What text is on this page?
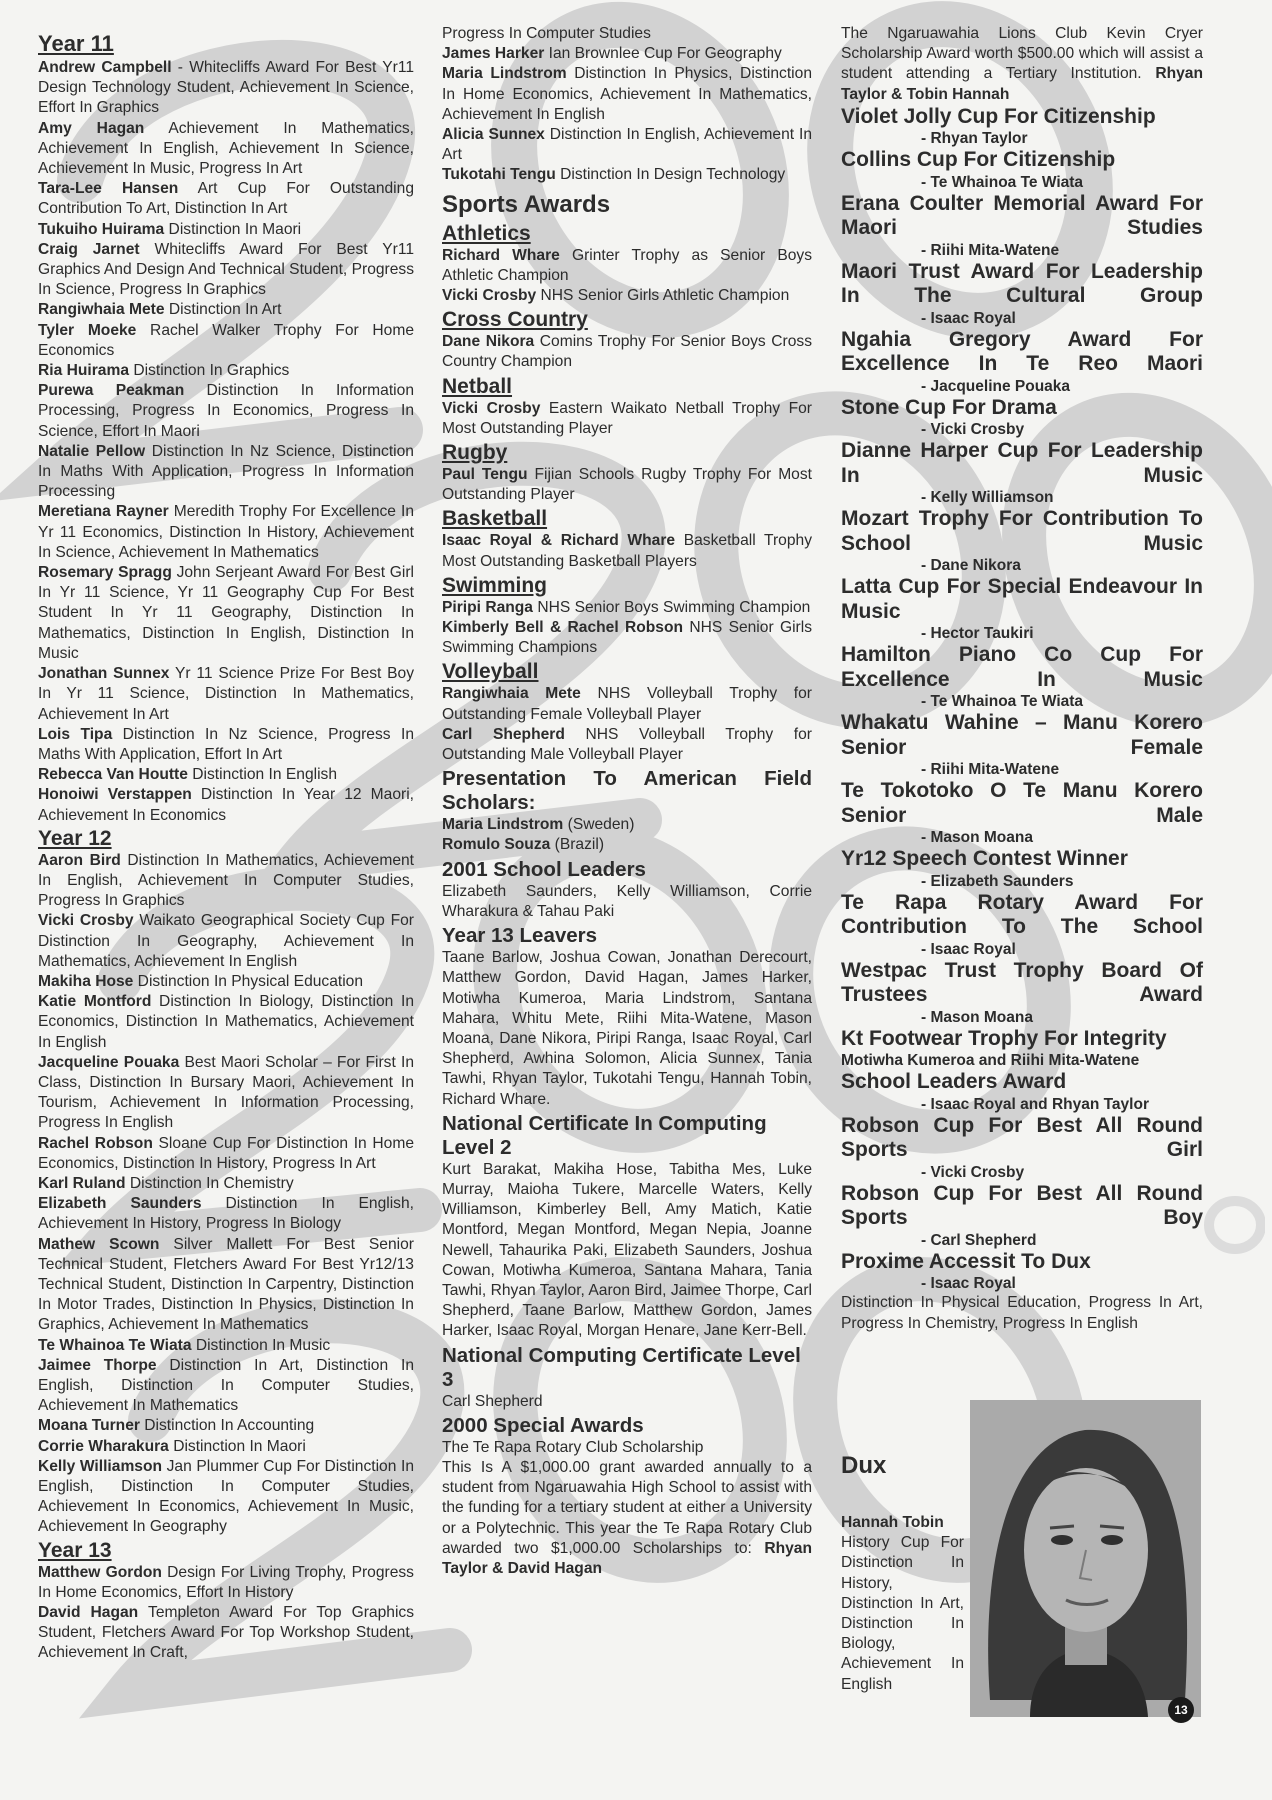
Year 11

Andrew Campbell - Whitecliffs Award For Best Yr11 Design Technology Student, Achievement In Science, Effort In Graphics

Amy Hagan Achievement In Mathematics, Achievement In English, Achievement In Science, Achievement In Music, Progress In Art

Tara-Lee Hansen Art Cup For Outstanding Contribution To Art, Distinction In Art

Tukuiho Huirama Distinction In Maori

Craig Jarnet Whitecliffs Award For Best Yr11 Graphics And Design And Technical Student, Progress In Science, Progress In Graphics

Rangiwhaia Mete Distinction In Art

Tyler Moeke Rachel Walker Trophy For Home Economics

Ria Huirama Distinction In Graphics

Purewa Peakman Distinction In Information Processing, Progress In Economics, Progress In Science, Effort In Maori

Natalie Pellow Distinction In Nz Science, Distinction In Maths With Application, Progress In Information Processing

Meretiana Rayner Meredith Trophy For Excellence In Yr 11 Economics, Distinction In History, Achievement In Science, Achievement In Mathematics

Rosemary Spragg John Serjeant Award For Best Girl In Yr 11 Science, Yr 11 Geography Cup For Best Student In Yr 11 Geography, Distinction In Mathematics, Distinction In English, Distinction In Music

Jonathan Sunnex Yr 11 Science Prize For Best Boy In Yr 11 Science, Distinction In Mathematics, Achievement In Art

Lois Tipa Distinction In Nz Science, Progress In Maths With Application, Effort In Art

Rebecca Van Houtte Distinction In English

Honoiwi Verstappen Distinction In Year 12 Maori, Achievement In Economics

Year 12

Aaron Bird Distinction In Mathematics, Achievement In English, Achievement In Computer Studies, Progress In Graphics

Vicki Crosby Waikato Geographical Society Cup For Distinction In Geography, Achievement In Mathematics, Achievement In English

Makiha Hose Distinction In Physical Education

Katie Montford Distinction In Biology, Distinction In Economics, Distinction In Mathematics, Achievement In English

Jacqueline Pouaka Best Maori Scholar – For First In Class, Distinction In Bursary Maori, Achievement In Tourism, Achievement In Information Processing, Progress In English

Rachel Robson Sloane Cup For Distinction In Home Economics, Distinction In History, Progress In Art

Karl Ruland Distinction In Chemistry

Elizabeth Saunders Distinction In English, Achievement In History, Progress In Biology

Mathew Scown Silver Mallett For Best Senior Technical Student, Fletchers Award For Best Yr12/13 Technical Student, Distinction In Carpentry, Distinction In Motor Trades, Distinction In Physics, Distinction In Graphics, Achievement In Mathematics

Te Whainoa Te Wiata Distinction In Music

Jaimee Thorpe Distinction In Art, Distinction In English, Distinction In Computer Studies, Achievement In Mathematics

Moana Turner Distinction In Accounting

Corrie Wharakura Distinction In Maori

Kelly Williamson Jan Plummer Cup For Distinction In English, Distinction In Computer Studies, Achievement In Economics, Achievement In Music, Achievement In Geography

Year 13

Matthew Gordon Design For Living Trophy, Progress In Home Economics, Effort In History

David Hagan Templeton Award For Top Graphics Student, Fletchers Award For Top Workshop Student, Achievement In Craft,

Progress In Computer Studies

James Harker Ian Brownlee Cup For Geography

Maria Lindstrom Distinction In Physics, Distinction In Home Economics, Achievement In Mathematics, Achievement In English

Alicia Sunnex Distinction In English, Achievement In Art

Tukotahi Tengu Distinction In Design Technology

Sports Awards

Athletics

Richard Whare Grinter Trophy as Senior Boys Athletic Champion

Vicki Crosby NHS Senior Girls Athletic Champion

Cross Country

Dane Nikora Comins Trophy For Senior Boys Cross Country Champion

Netball

Vicki Crosby Eastern Waikato Netball Trophy For Most Outstanding Player

Rugby

Paul Tengu Fijian Schools Rugby Trophy For Most Outstanding Player

Basketball

Isaac Royal & Richard Whare Basketball Trophy Most Outstanding Basketball Players

Swimming

Piripi Ranga NHS Senior Boys Swimming Champion

Kimberly Bell & Rachel Robson NHS Senior Girls Swimming Champions

Volleyball

Rangiwhaia Mete NHS Volleyball Trophy for Outstanding Female Volleyball Player

Carl Shepherd NHS Volleyball Trophy for Outstanding Male Volleyball Player

Presentation To American Field Scholars:

Maria Lindstrom (Sweden)

Romulo Souza (Brazil)

2001 School Leaders

Elizabeth Saunders, Kelly Williamson, Corrie Wharakura & Tahau Paki

Year 13 Leavers

Taane Barlow, Joshua Cowan, Jonathan Derecourt, Matthew Gordon, David Hagan, James Harker, Motiwha Kumeroa, Maria Lindstrom, Santana Mahara, Whitu Mete, Riihi Mita-Watene, Mason Moana, Dane Nikora, Piripi Ranga, Isaac Royal, Carl Shepherd, Awhina Solomon, Alicia Sunnex, Tania Tawhi, Rhyan Taylor, Tukotahi Tengu, Hannah Tobin, Richard Whare.

National Certificate In Computing Level 2

Kurt Barakat, Makiha Hose, Tabitha Mes, Luke Murray, Maioha Tukere, Marcelle Waters, Kelly Williamson, Kimberley Bell, Amy Matich, Katie Montford, Megan Montford, Megan Nepia, Joanne Newell, Tahaurika Paki, Elizabeth Saunders, Joshua Cowan, Motiwha Kumeroa, Santana Mahara, Tania Tawhi, Rhyan Taylor, Aaron Bird, Jaimee Thorpe, Carl Shepherd, Taane Barlow, Matthew Gordon, James Harker, Isaac Royal, Morgan Henare, Jane Kerr-Bell.

National Computing Certificate Level 3

Carl Shepherd

2000 Special Awards

The Te Rapa Rotary Club Scholarship

This Is A $1,000.00 grant awarded annually to a student from Ngaruawahia High School to assist with the funding for a tertiary student at either a University or a Polytechnic. This year the Te Rapa Rotary Club awarded two $1,000.00 Scholarships to: Rhyan Taylor & David Hagan

The Ngaruawahia Lions Club Kevin Cryer Scholarship Award worth $500.00 which will assist a student attending a Tertiary Institution. Rhyan Taylor & Tobin Hannah

Violet Jolly Cup For Citizenship

- Rhyan Taylor

Collins Cup For Citizenship

- Te Whainoa Te Wiata

Erana Coulter Memorial Award For Maori Studies

- Riihi Mita-Watene

Maori Trust Award For Leadership In The Cultural Group

- Isaac Royal

Ngahia Gregory Award For Excellence In Te Reo Maori

- Jacqueline Pouaka

Stone Cup For Drama

- Vicki Crosby

Dianne Harper Cup For Leadership In Music

- Kelly Williamson

Mozart Trophy For Contribution To School Music

- Dane Nikora

Latta Cup For Special Endeavour In Music

- Hector Taukiri

Hamilton Piano Co Cup For Excellence In Music

- Te Whainoa Te Wiata

Whakatu Wahine – Manu Korero Senior Female

- Riihi Mita-Watene

Te Tokotoko O Te Manu Korero Senior Male

- Mason Moana

Yr12 Speech Contest Winner

- Elizabeth Saunders

Te Rapa Rotary Award For Contribution To The School

- Isaac Royal

Westpac Trust Trophy Board Of Trustees Award

- Mason Moana

Kt Footwear Trophy For Integrity

Motiwha Kumeroa and Riihi Mita-Watene

School Leaders Award

- Isaac Royal and Rhyan Taylor

Robson Cup For Best All Round Sports Girl

- Vicki Crosby

Robson Cup For Best All Round Sports Boy

- Carl Shepherd

Proxime Accessit To Dux

- Isaac Royal

Distinction In Physical Education, Progress In Art, Progress In Chemistry, Progress In English

Dux
Hannah Tobin
History Cup For Distinction In History, Distinction In Art, Distinction In Biology, Achievement In English
13
